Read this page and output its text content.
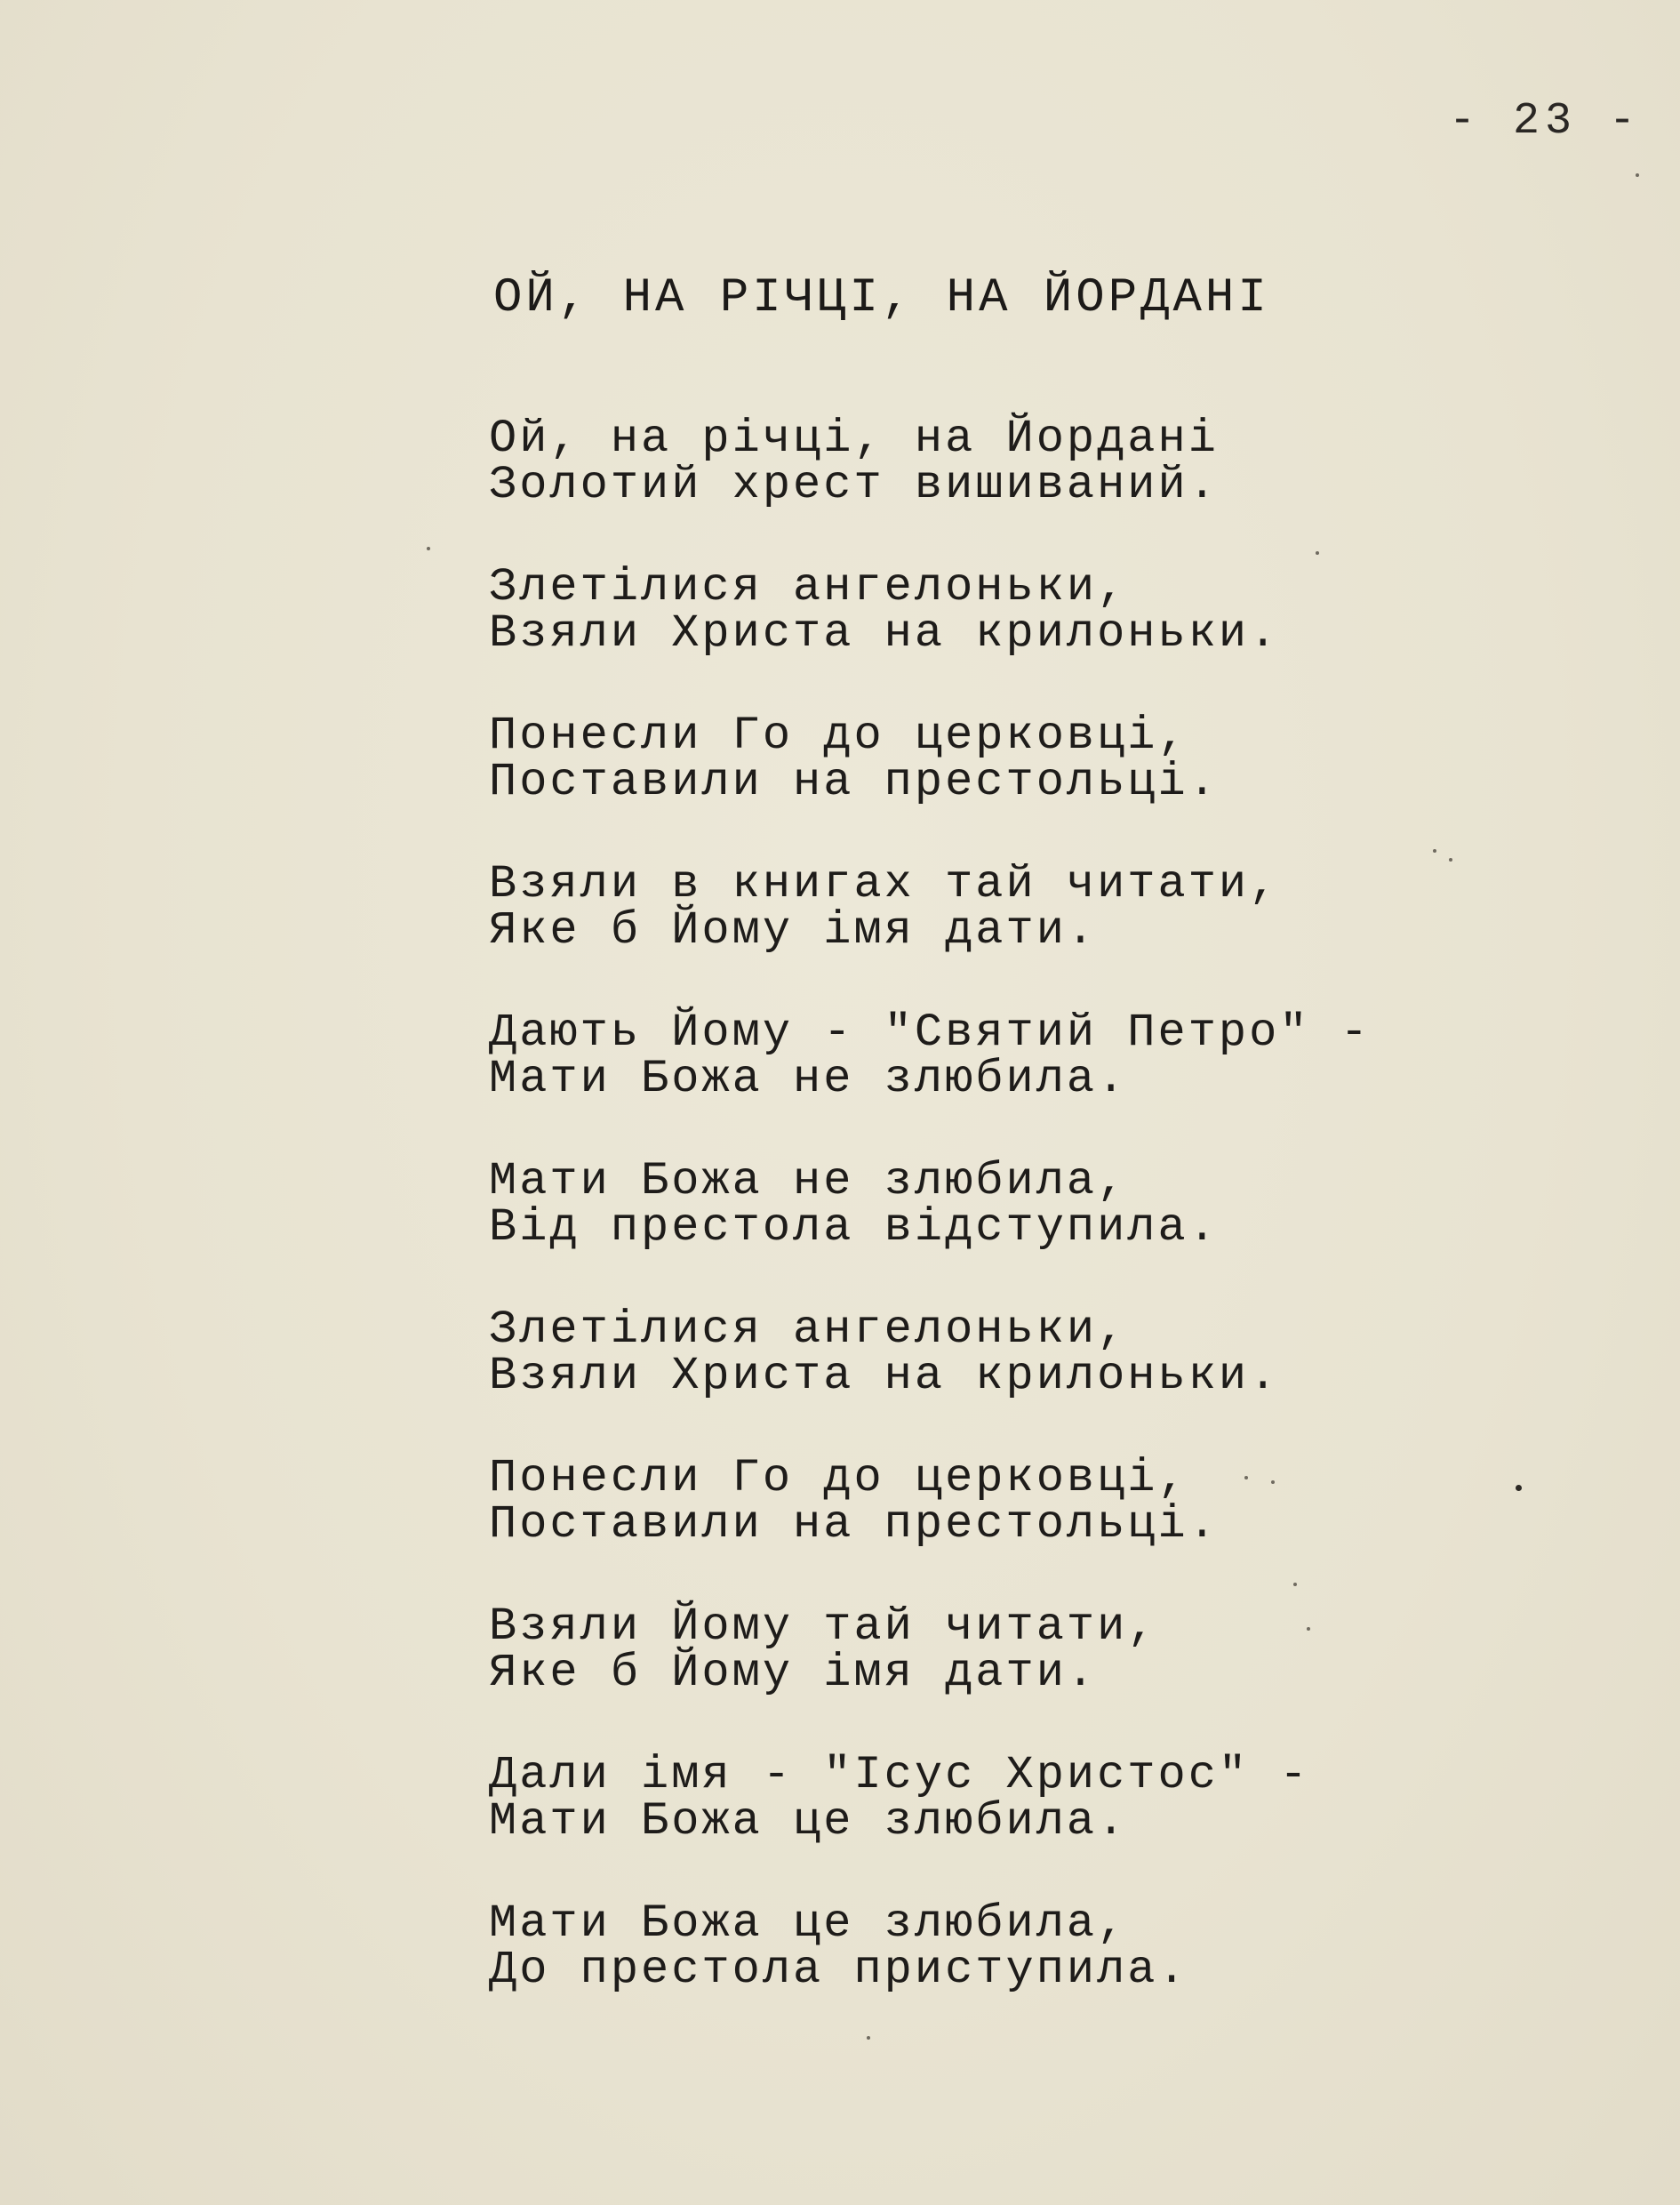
- 23 -
ОЙ, НА РІЧЦІ, НА ЙОРДАНІ
Ой, на річці, на Йордані
Золотий хрест вишиваний.
Злетілися ангелоньки,
Взяли Христа на крилоньки.
Понесли Го до церковці,
Поставили на престольці.
Взяли в книгах тай читати,
Яке б Йому імя дати.
Дають Йому - "Святий Петро" -
Мати Божа не злюбила.
Мати Божа не злюбила,
Від престола відступила.
Злетілися ангелоньки,
Взяли Христа на крилоньки.
Понесли Го до церковці,
Поставили на престольці.
Взяли Йому тай читати,
Яке б Йому імя дати.
Дали імя - "Ісус Христос" -
Мати Божа це злюбила.
Мати Божа це злюбила,
До престола приступила.
